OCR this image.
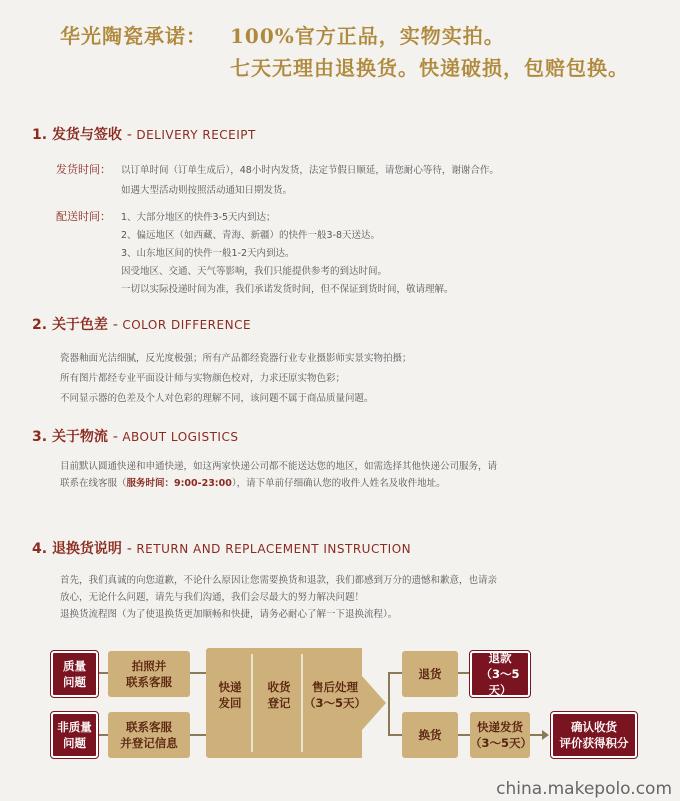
华光陶瓷承诺： 100%官方正品，实物实拍。
七天无理由退换货。快递破损，包赔包换。
1. 发货与签收 - DELIVERY RECEIPT
发货时间： 以订单时间（订单生成后），48小时内发货，法定节假日顺延，请您耐心等待，谢谢合作。
如遇大型活动则按照活动通知日期发货。
配送时间： 1、大部分地区的快件3-5天内到达；
2、偏远地区（如西藏、青海、新疆）的快件一般3-8天送达。
3、山东地区间的快件一般1-2天内到达。
因受地区、交通、天气等影响，我们只能提供参考的到达时间。
一切以实际投递时间为准，我们承诺发货时间，但不保证到货时间，敬请理解。
2. 关于色差 - COLOR DIFFERENCE
瓷器釉面光洁细腻，反光度极强；所有产品都经瓷器行业专业摄影师实景实物拍摄；
所有图片都经专业平面设计师与实物颜色校对，力求还原实物色彩；
不同显示器的色差及个人对色彩的理解不同，该问题不属于商品质量问题。
3. 关于物流 - ABOUT LOGISTICS
目前默认圆通快递和申通快递，如这两家快递公司都不能送达您的地区，如需选择其他快递公司服务，请
联系在线客服（服务时间：9:00-23:00），请下单前仔细确认您的收件人姓名及收件地址。
4. 退换货说明 - RETURN AND REPLACEMENT INSTRUCTION
首先，我们真诚的向您道歉，不论什么原因让您需要换货和退款，我们都感到万分的遗憾和歉意，也请亲
放心，无论什么问题，请先与我们沟通，我们会尽最大的努力解决问题！
退换货流程图（为了使退换货更加顺畅和快捷，请务必耐心了解一下退换流程）。
质量
问题
非质量
问题
拍照并
联系客服
联系客服
并登记信息
快递
发回
收货
登记
售后处理
（3～5天）
退货
换货
退款
（3～5天）
快递发货
（3～5天）
确认收货
评价获得积分
china.makepolo.com
